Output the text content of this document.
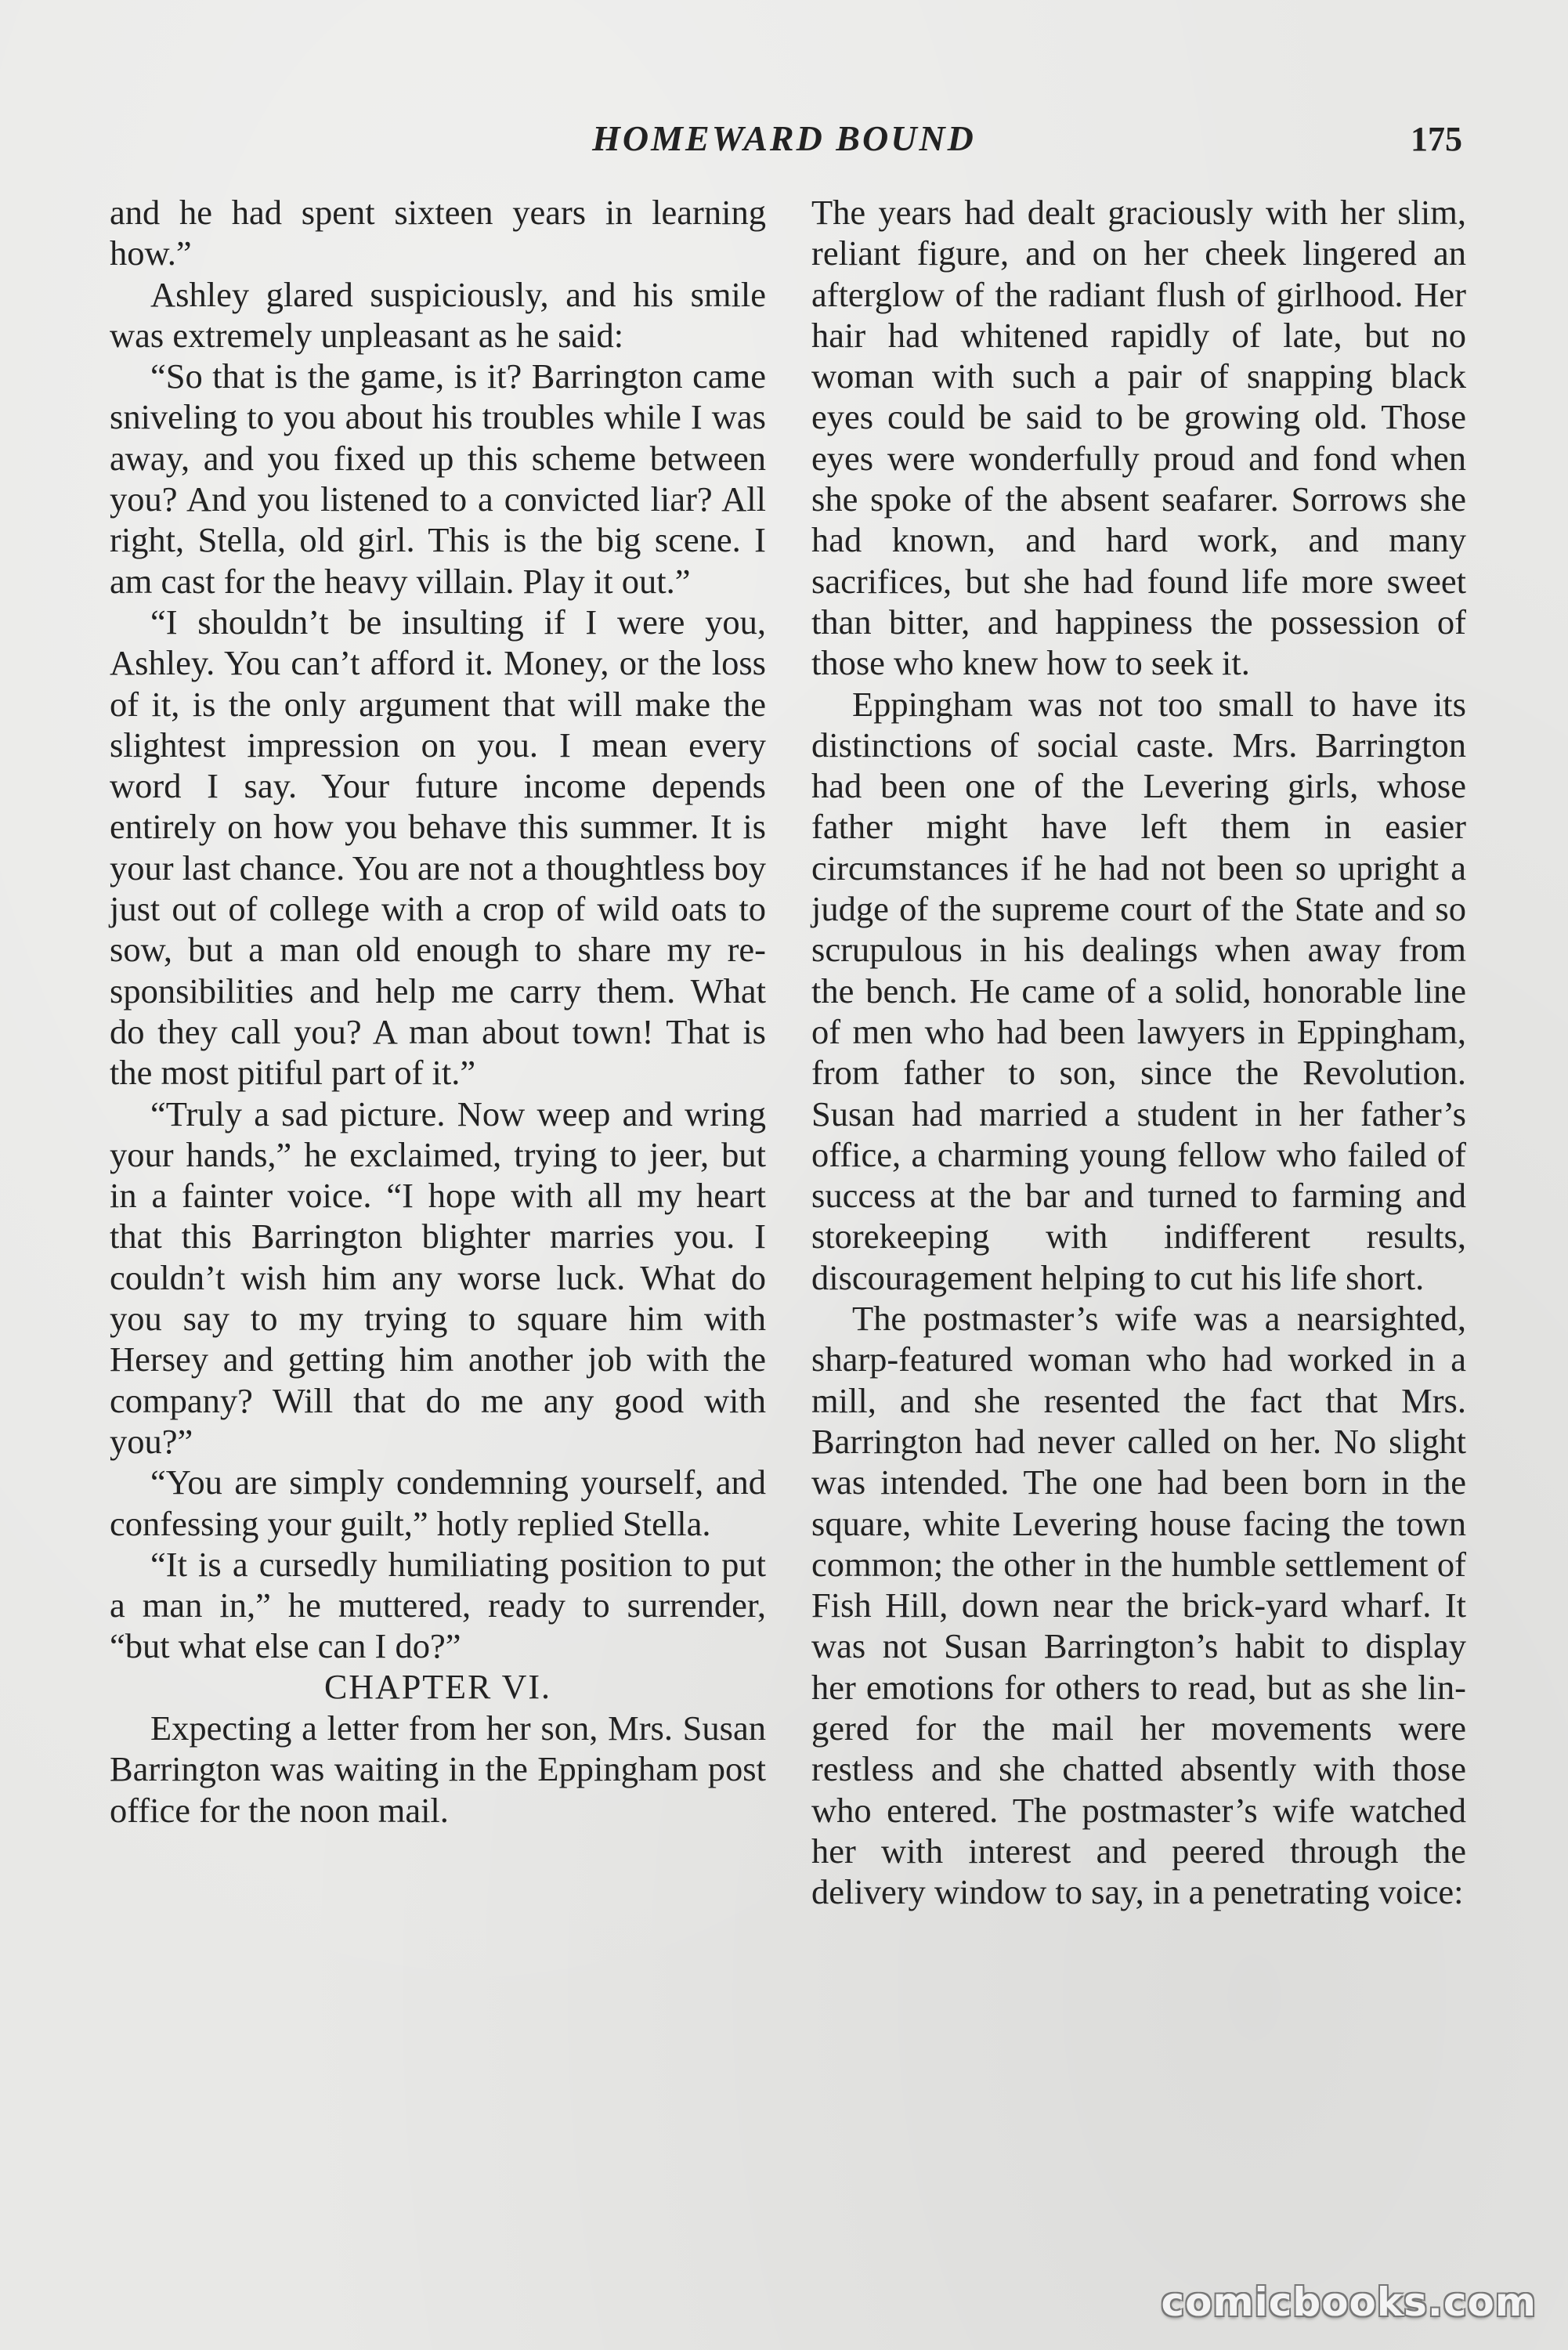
HOMEWARD BOUND	175

and he had spent sixteen years in learning how.”

Ashley glared suspiciously, and his smile was extremely unpleasant as he said:

“So that is the game, is it? Barrington came sniveling to you about his troubles while I was away, and you fixed up this scheme between you? And you listened to a convicted liar? All right, Stella, old girl. This is the big scene. I am cast for the heavy villain. Play it out.”

“I shouldn’t be insulting if I were you, Ashley. You can’t afford it. Money, or the loss of it, is the only argument that will make the slightest impression on you. I mean every word I say. Your future income depends entirely on how you behave this summer. It is your last chance. You are not a thoughtless boy just out of college with a crop of wild oats to sow, but a man old enough to share my responsibilities and help me carry them. What do they call you? A man about town! That is the most pitiful part of it.”

“Truly a sad picture. Now weep and wring your hands,” he exclaimed, trying to jeer, but in a fainter voice. “I hope with all my heart that this Barrington blighter marries you. I couldn’t wish him any worse luck. What do you say to my trying to square him with Hersey and getting him another job with the company? Will that do me any good with you?”

“You are simply condemning yourself, and confessing your guilt,” hotly replied Stella.

“It is a cursedly humiliating position to put a man in,” he muttered, ready to surrender, “but what else can I do?”

CHAPTER VI.

Expecting a letter from her son, Mrs. Susan Barrington was waiting in the Eppingham post office for the noon mail.

The years had dealt graciously with her slim, reliant figure, and on her cheek lingered an afterglow of the radiant flush of girlhood. Her hair had whitened rapidly of late, but no woman with such a pair of snapping black eyes could be said to be growing old. Those eyes were wonderfully proud and fond when she spoke of the absent seafarer. Sorrows she had known, and hard work, and many sacrifices, but she had found life more sweet than bitter, and happiness the possession of those who knew how to seek it.

Eppingham was not too small to have its distinctions of social caste. Mrs. Barrington had been one of the Levering girls, whose father might have left them in easier circumstances if he had not been so upright a judge of the supreme court of the State and so scrupulous in his dealings when away from the bench. He came of a solid, honorable line of men who had been lawyers in Eppingham, from father to son, since the Revolution. Susan had married a student in her father’s office, a charming young fellow who failed of success at the bar and turned to farming and storekeeping with indifferent results, discouragement helping to cut his life short.

The postmaster’s wife was a nearsighted, sharp-featured woman who had worked in a mill, and she resented the fact that Mrs. Barrington had never called on her. No slight was intended. The one had been born in the square, white Levering house facing the town common; the other in the humble settlement of Fish Hill, down near the brick-yard wharf. It was not Susan Barrington’s habit to display her emotions for others to read, but as she lingered for the mail her movements were restless and she chatted absently with those who entered. The postmaster’s wife watched her with interest and peered through the delivery window to say, in a penetrating voice:

comicbooks.com
